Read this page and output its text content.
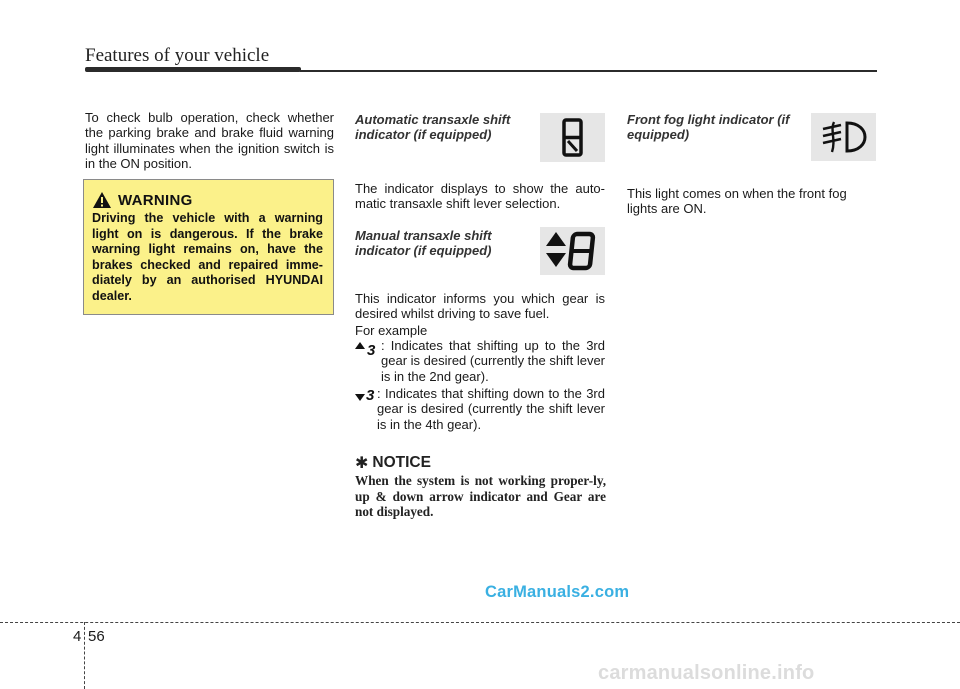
Features of your vehicle

To check bulb operation, check whether the parking brake and brake fluid warning light illuminates when the ignition switch is in the ON position.

WARNING

Driving the vehicle with a warning light on is dangerous. If the brake warning light remains on, have the brakes checked and repaired imme-diately by an authorised HYUNDAI dealer.

Automatic transaxle shift indicator (if equipped)

The indicator displays to show the auto-matic transaxle shift lever selection.

Manual transaxle shift indicator (if equipped)

This indicator informs you which gear is desired whilst driving to save fuel.

For example
3 : Indicates that shifting up to the 3rd gear is desired (currently the shift lever is in the 2nd gear).

3 : Indicates that shifting down to the 3rd gear is desired (currently the shift lever is in the 4th gear).

✱ NOTICE

When the system is not working proper-ly, up & down arrow indicator and Gear are not displayed.

Front fog light indicator (if equipped)

This light comes on when the front fog lights are ON.

CarManuals2.com
4 56
carmanualsonline.info
